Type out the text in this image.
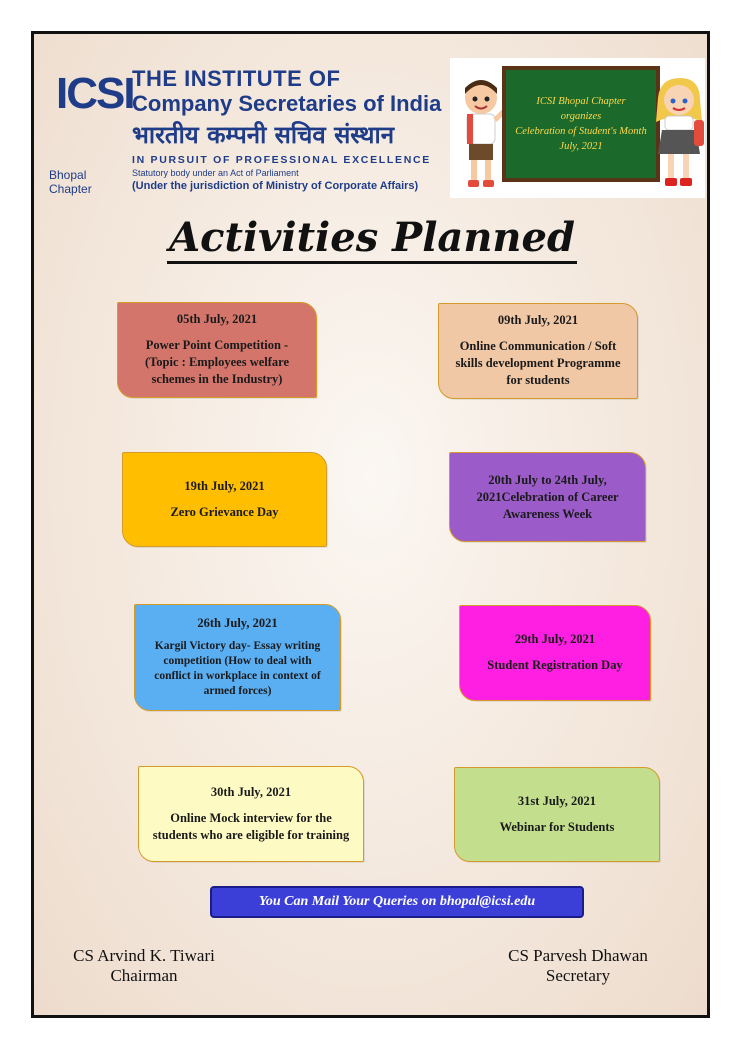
ICSI
THE INSTITUTE OF
Company Secretaries of India
भारतीय कम्पनी सचिव संस्थान
IN PURSUIT OF PROFESSIONAL EXCELLENCE
Statutory body under an Act of Parliament
(Under the jurisdiction of Ministry of Corporate Affairs)
Bhopal
Chapter
ICSI Bhopal Chapter
organizes
Celebration of Student's Month
July, 2021
Activities Planned
05th July, 2021
Power Point Competition - (Topic : Employees welfare schemes in the Industry)
09th July, 2021
Online Communication / Soft skills development Programme for students
19th July, 2021
Zero Grievance Day
20th July to 24th July, 2021Celebration of Career Awareness Week
26th July, 2021
Kargil Victory day- Essay writing competition (How to deal with conflict in workplace in context of armed forces)
29th July, 2021
Student Registration Day
30th July, 2021
Online Mock interview for the students who are eligible for training
31st July, 2021
Webinar for Students
You Can Mail Your Queries on bhopal@icsi.edu
CS Arvind K. Tiwari
Chairman
CS Parvesh Dhawan
Secretary
